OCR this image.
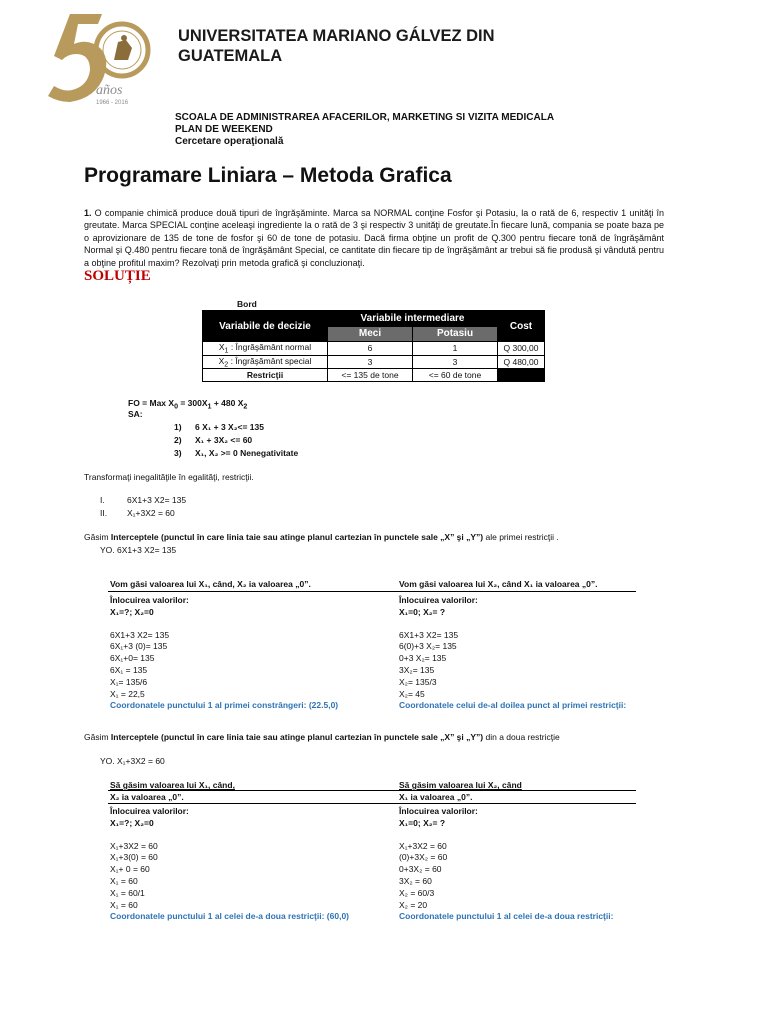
años
1966 - 2016
UNIVERSITATEA MARIANO GÁLVEZ DIN
GUATEMALA
SCOALA DE ADMINISTRAREA AFACERILOR, MARKETING SI VIZITA MEDICALA
PLAN DE WEEKEND
Cercetare operaţională
Programare Liniara – Metoda Grafica
1. O companie chimică produce două tipuri de îngrăşăminte. Marca sa NORMAL conţine Fosfor şi Potasiu, la o rată de 6, respectiv 1 unităţi în greutate. Marca SPECIAL conţine aceleaşi ingrediente la o rată de 3 şi respectiv 3 unităţi de greutate.În fiecare lună, compania se poate baza pe o aprovizionare de 135 de tone de fosfor şi 60 de tone de potasiu. Dacă firma obţine un profit de Q.300 pentru fiecare tonă de îngrăşământ Normal şi Q.480 pentru fiecare tonă de îngrăşământ Special, ce cantitate din fiecare tip de îngrăşământ ar trebui să fie produsă şi vândută pentru a obţine profitul maxim? Rezolvaţi prin metoda grafică şi concluzionaţi.
SOLUȚIE
Bord
Variabile de decizie	Variabile intermediare		Cost
	Meci	Potasiu	
$X_1$ : Îngrăşământ normal	6	1	Q 300,00
$X_2$ : Îngrăşământ special	3	3	Q 480,00
Restricţii	<= 135 de tone	<= 60 de tone	
FO = Max $X_0 = 300X_1 + 480$ $X_2$
SA:
1) 6 X₁ + 3 X₂<= 135
2) X₁ + 3X₂ <= 60
3) X₁, X₂ >= 0 Nenegativitate
Transformaţi inegalităţile în egalităţi, restricţii.
I.	6X1+3 X2= 135
II. X₁+3X2 = 60
Găsim Interceptele (punctul în care linia taie sau atinge planul cartezian în punctele sale „X” şi „Y”) ale primei restricţii .
YO. 6X1+3 X2= 135
Vom găsi valoarea lui X₁, când, X₂ ia valoarea „0”.	Vom găsi valoarea lui X₂, când X₁ ia valoarea „0”.
Înlocuirea valorilor:
X₁=?; X₂=0
6X1+3 X2= 135
6X₁+3 (0)= 135
6X₁+0= 135
6X₁ = 135
X₁= 135/6
X₁ = 22,5
Coordonatele punctului 1 al primei constrângeri: (22.5,0)
Înlocuirea valorilor:
X₁=0; X₂= ?
6X1+3 X2= 135
6(0)+3 X₂= 135
0+3 X₂= 135
3X₂= 135
X₂= 135/3
X₂= 45
Coordonatele celui de-al doilea punct al primei restricţii:
Găsim Interceptele (punctul în care linia taie sau atinge planul cartezian în punctele sale „X” şi „Y”) din a doua restricţie
YO. X₁+3X2 = 60
Să găsim valoarea lui X₁, când,
X₂ ia valoarea „0”.
Să găsim valoarea lui X₂, când
X₁ ia valoarea „0”.
Înlocuirea valorilor:
X₁=?; X₂=0
X₁+3X2 = 60
X₁+3(0) = 60
X₁+ 0 = 60
X₁ = 60
X₁ = 60/1
X₁ = 60
Coordonatele punctului 1 al celei de-a doua restricţii: (60,0)
Înlocuirea valorilor:
X₁=0; X₂= ?
X₁+3X2 = 60
(0)+3X₂ = 60
0+3X₂ = 60
3X₂ = 60
X₂ = 60/3
X₂ = 20
Coordonatele punctului 1 al celei de-a doua restricţii:
